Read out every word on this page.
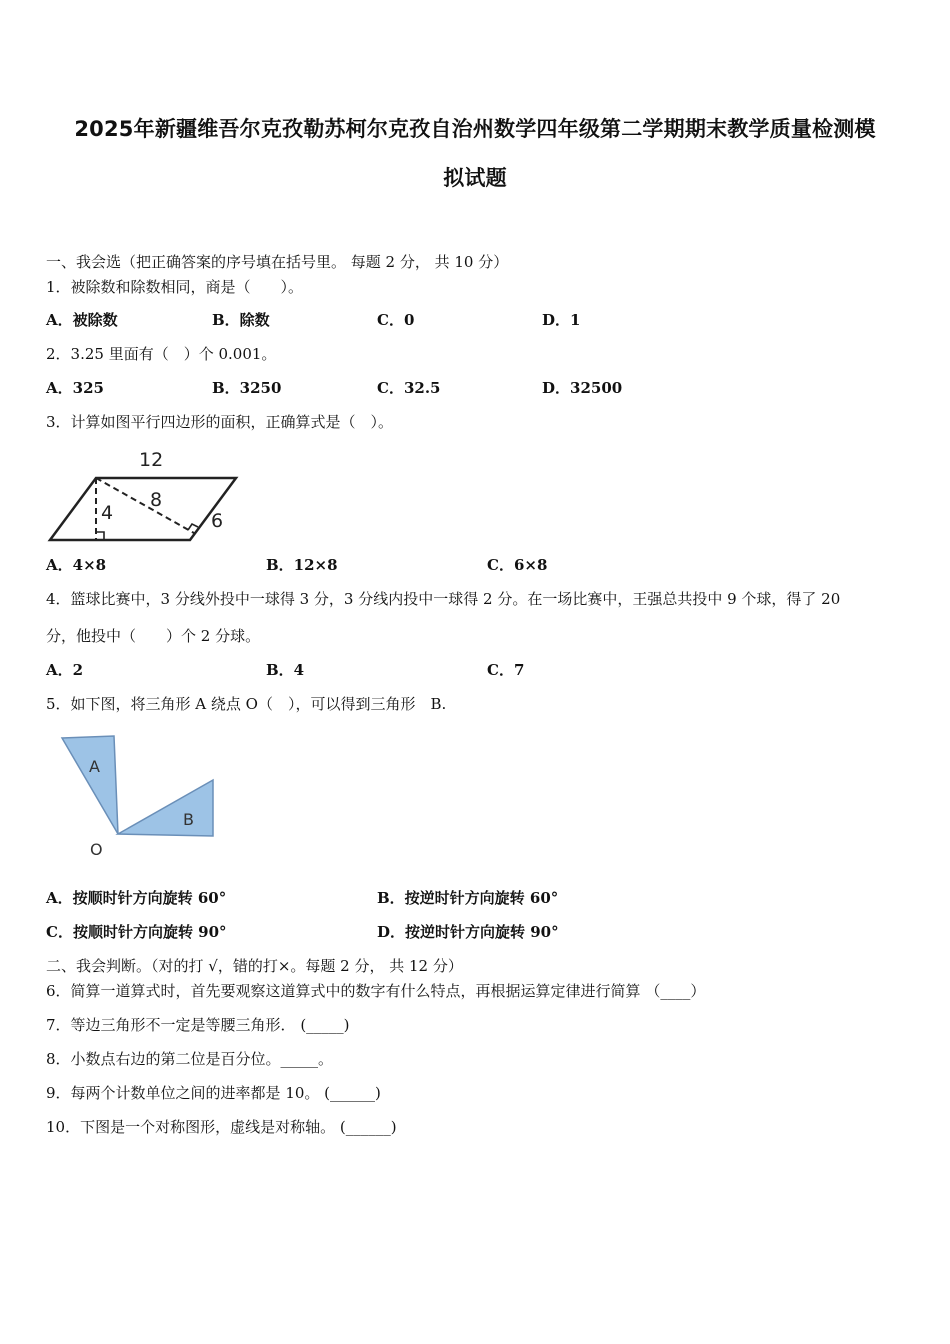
2025年新疆维吾尔克孜勒苏柯尔克孜自治州数学四年级第二学期期末教学质量检测模
拟试题
一、我会选（把正确答案的序号填在括号里。 每题 2 分， 共 10 分）
1．被除数和除数相同，商是（　　）。
A．被除数	B．除数	C．0	D．1
2．3.25 里面有（　）个 0.001。
A．325	B．3250	C．32.5	D．32500
3．计算如图平行四边形的面积，正确算式是（　）。
12
4
8
6
A．4×8	B．12×8	C．6×8
4．篮球比赛中，3 分线外投中一球得 3 分，3 分线内投中一球得 2 分。在一场比赛中，王强总共投中 9 个球，得了 20
分，他投中（　　）个 2 分球。
A．2	B．4	C．7
5．如下图，将三角形 A 绕点 O（　），可以得到三角形　B.
A
B
O
A．按顺时针方向旋转 60°	B．按逆时针方向旋转 60°
C．按顺时针方向旋转 90°	D．按逆时针方向旋转 90°
二、我会判断。（对的打 √，错的打×。每题 2 分， 共 12 分）
6．简算一道算式时，首先要观察这道算式中的数字有什么特点，再根据运算定律进行简算 （____）
7．等边三角形不一定是等腰三角形． (_____)
8．小数点右边的第二位是百分位。_____。
9．每两个计数单位之间的进率都是 10。 (______)
10．下图是一个对称图形，虚线是对称轴。 (______)
